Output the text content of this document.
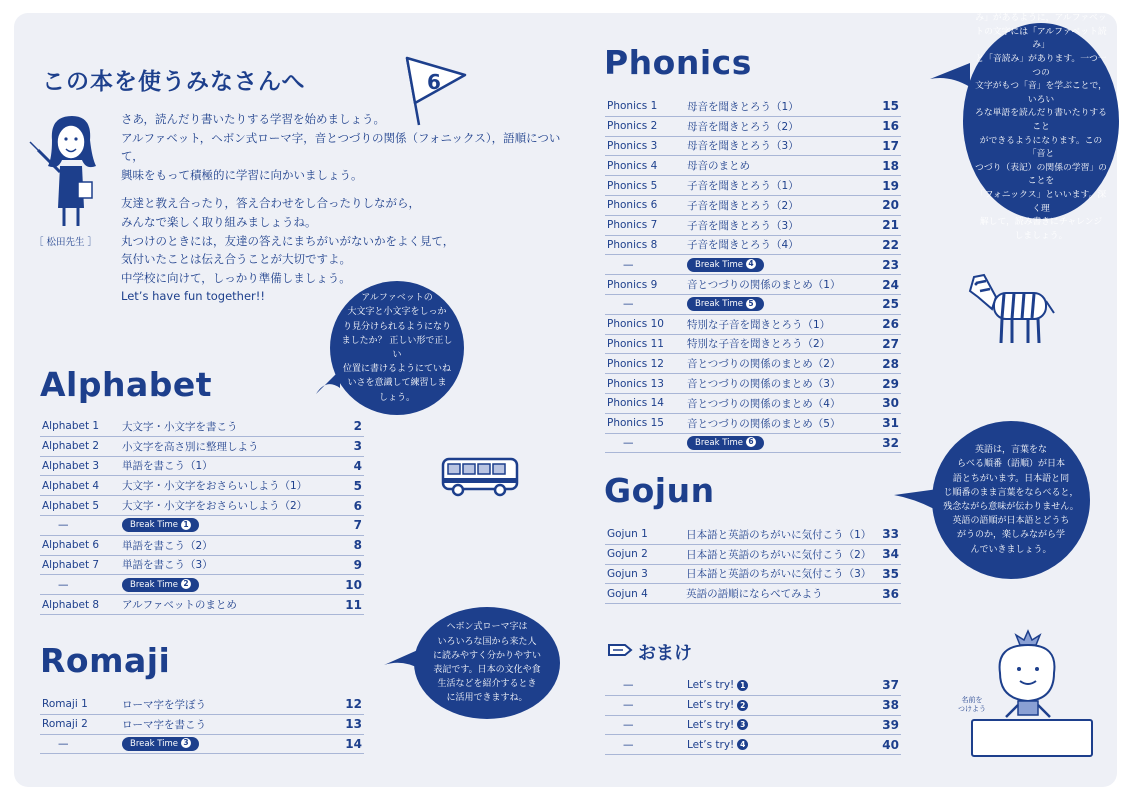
この本を使うみなさんへ	6
［ 松田先生 ］

さあ，読んだり書いたりする学習を始めましょう。

アルファベット，ヘボン式ローマ字，音とつづりの関係（フォニックス），語順について，

興味をもって積極的に学習に向かいましょう。

友達と教え合ったり，答え合わせをし合ったりしながら，

みんなで楽しく取り組みましょうね。

丸つけのときには，友達の答えにまちがいがないかをよく見て，

気付いたことは伝え合うことが大切ですよ。

中学校に向けて，しっかり準備しましょう。

Let’s have fun together!!	アルファベットの
大文字と小文字をしっか
り見分けられるようになり
ましたか？ 正しい形で正しい
位置に書けるようにていね
いさを意識して練習しま
しょう。
Alphabet
Alphabet 1	大文字・小文字を書こう	2
Alphabet 2	小文字を高さ別に整理しよう	3
Alphabet 3	単語を書こう（1）	4
Alphabet 4	大文字・小文字をおさらいしよう（1）	5
Alphabet 5	大文字・小文字をおさらいしよう（2）	6
—	Break Time 1	7
Alphabet 6	単語を書こう（2）	8
Alphabet 7	単語を書こう（3）	9
—	Break Time 2	10
Alphabet 8	アルファベットのまとめ	11
ヘボン式ローマ字は
いろいろな国から来た人
に読みやすく分かりやすい
表記です。日本の文化や食
生活などを紹介するとき
に活用できますね。
Romaji
Romaji 1	ローマ字を学ぼう	12
Romaji 2	ローマ字を書こう	13
—	Break Time 3	14
Phonics
Phonics 1	母音を聞きとろう（1）	15
Phonics 2	母音を聞きとろう（2）	16
Phonics 3	母音を聞きとろう（3）	17
Phonics 4	母音のまとめ	18
Phonics 5	子音を聞きとろう（1）	19
Phonics 6	子音を聞きとろう（2）	20
Phonics 7	子音を聞きとろう（3）	21
Phonics 8	子音を聞きとろう（4）	22
—	Break Time 4	23
Phonics 9	音とつづりの関係のまとめ（1）	24
—	Break Time 5	25
Phonics 10	特別な子音を聞きとろう（1）	26
Phonics 11	特別な子音を聞きとろう（2）	27
Phonics 12	音とつづりの関係のまとめ（2）	28
Phonics 13	音とつづりの関係のまとめ（3）	29
Phonics 14	音とつづりの関係のまとめ（4）	30
Phonics 15	音とつづりの関係のまとめ（5）	31
—	Break Time 6	32
漢字に「音読み」と「訓読
み」があるように，アルファベッ
トの文字には「アルファベット読み」
と「音読み」があります。一つ一つの
文字がもつ「音」を学ぶことで，いろい
ろな単語を読んだり書いたりすること
ができるようになります。この「音と
つづり（表記）の関係の学習」のことを
「フォニックス」といいます。深く理
解して，読み書きにチャレンジ
しましょう。
英語は，言葉をな
らべる順番（語順）が日本
語とちがいます。日本語と同
じ順番のまま言葉をならべると，
残念ながら意味が伝わりません。
英語の語順が日本語とどうち
がうのか，楽しみながら学
んでいきましょう。
Gojun
Gojun 1	日本語と英語のちがいに気付こう（1）	33
Gojun 2	日本語と英語のちがいに気付こう（2）	34
Gojun 3	日本語と英語のちがいに気付こう（3）	35
Gojun 4	英語の語順にならべてみよう	36
おまけ
—	Let’s try! 1	37
—	Let’s try! 2	38
—	Let’s try! 3	39
—	Let’s try! 4	40
名前を
つけよう
